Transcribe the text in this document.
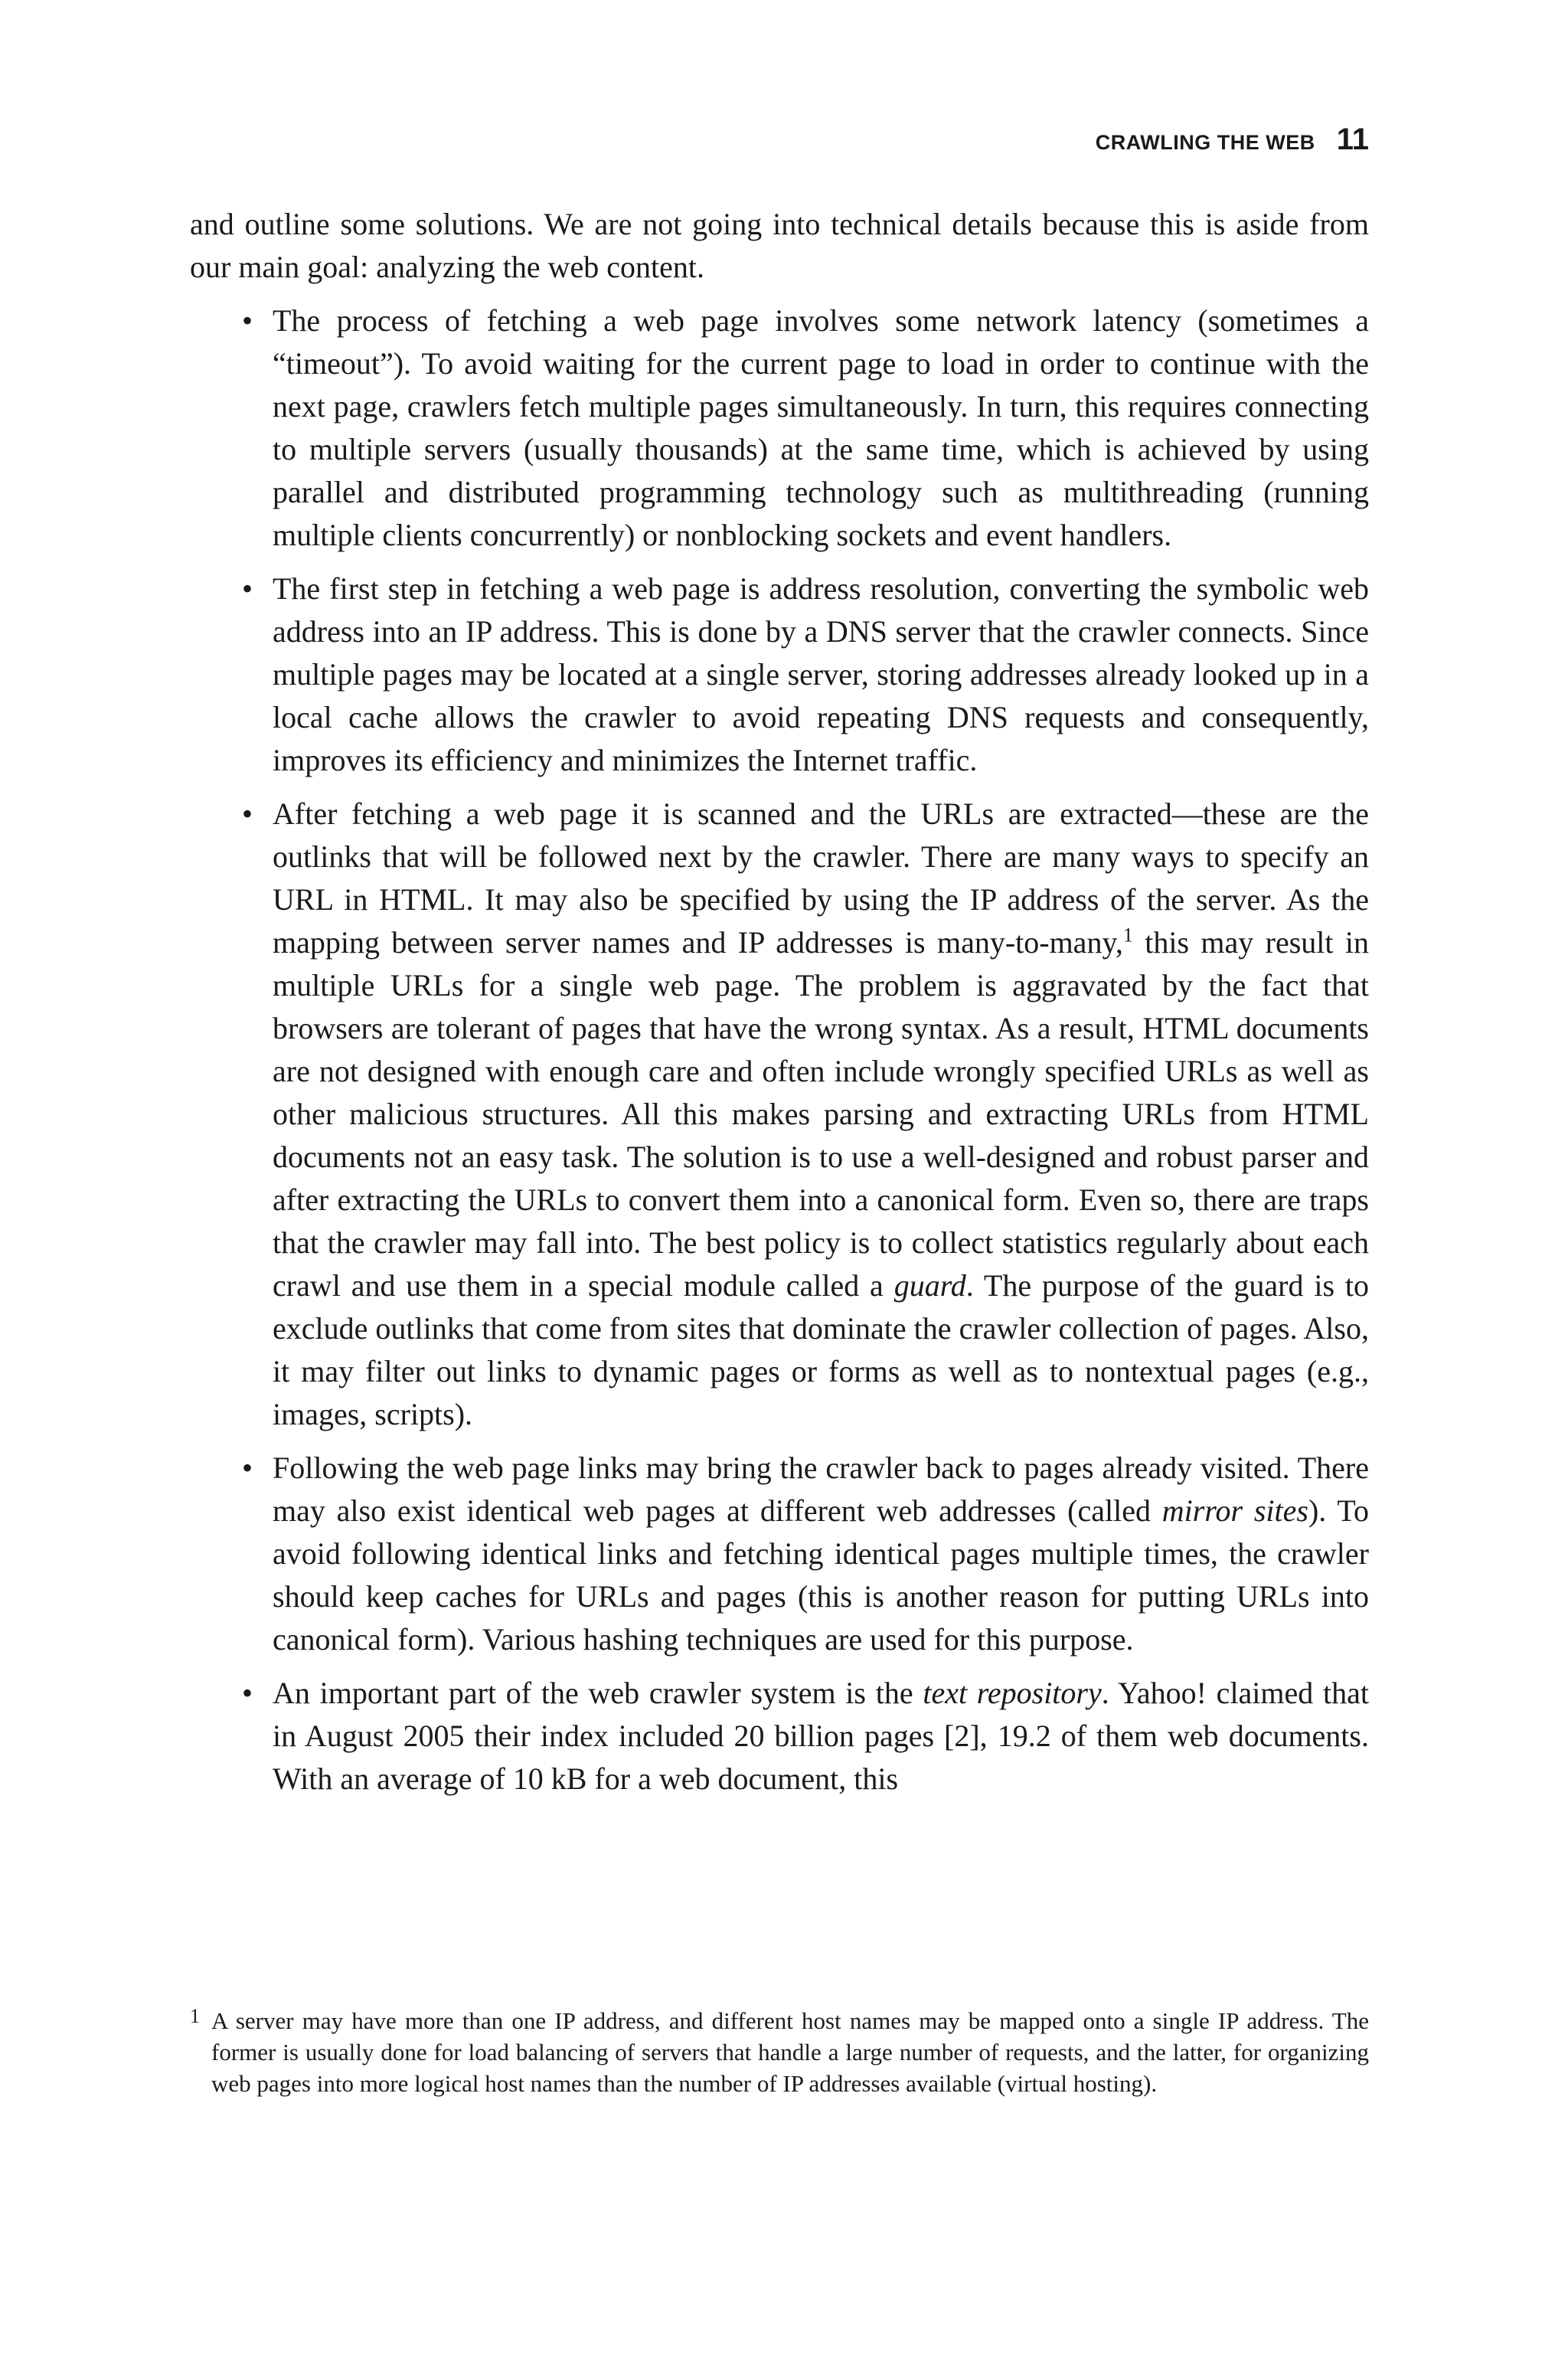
CRAWLING THE WEB 11

and outline some solutions. We are not going into technical details because this is aside from our main goal: analyzing the web content.

• The process of fetching a web page involves some network latency (sometimes a “timeout”). To avoid waiting for the current page to load in order to continue with the next page, crawlers fetch multiple pages simultaneously. In turn, this requires connecting to multiple servers (usually thousands) at the same time, which is achieved by using parallel and distributed programming technology such as multithreading (running multiple clients concurrently) or nonblocking sockets and event handlers.
• The first step in fetching a web page is address resolution, converting the symbolic web address into an IP address. This is done by a DNS server that the crawler connects. Since multiple pages may be located at a single server, storing addresses already looked up in a local cache allows the crawler to avoid repeating DNS requests and consequently, improves its efficiency and minimizes the Internet traffic.
• After fetching a web page it is scanned and the URLs are extracted—these are the outlinks that will be followed next by the crawler. There are many ways to specify an URL in HTML. It may also be specified by using the IP address of the server. As the mapping between server names and IP addresses is many-to-many,$^1$ this may result in multiple URLs for a single web page. The problem is aggravated by the fact that browsers are tolerant of pages that have the wrong syntax. As a result, HTML documents are not designed with enough care and often include wrongly specified URLs as well as other malicious structures. All this makes parsing and extracting URLs from HTML documents not an easy task. The solution is to use a well-designed and robust parser and after extracting the URLs to convert them into a canonical form. Even so, there are traps that the crawler may fall into. The best policy is to collect statistics regularly about each crawl and use them in a special module called a guard. The purpose of the guard is to exclude outlinks that come from sites that dominate the crawler collection of pages. Also, it may filter out links to dynamic pages or forms as well as to nontextual pages (e.g., images, scripts).
• Following the web page links may bring the crawler back to pages already visited. There may also exist identical web pages at different web addresses (called mirror sites). To avoid following identical links and fetching identical pages multiple times, the crawler should keep caches for URLs and pages (this is another reason for putting URLs into canonical form). Various hashing techniques are used for this purpose.
• An important part of the web crawler system is the text repository. Yahoo! claimed that in August 2005 their index included 20 billion pages [2], 19.2 of them web documents. With an average of 10 kB for a web document, this
1 A server may have more than one IP address, and different host names may be mapped onto a single IP address. The former is usually done for load balancing of servers that handle a large number of requests, and the latter, for organizing web pages into more logical host names than the number of IP addresses available (virtual hosting).
